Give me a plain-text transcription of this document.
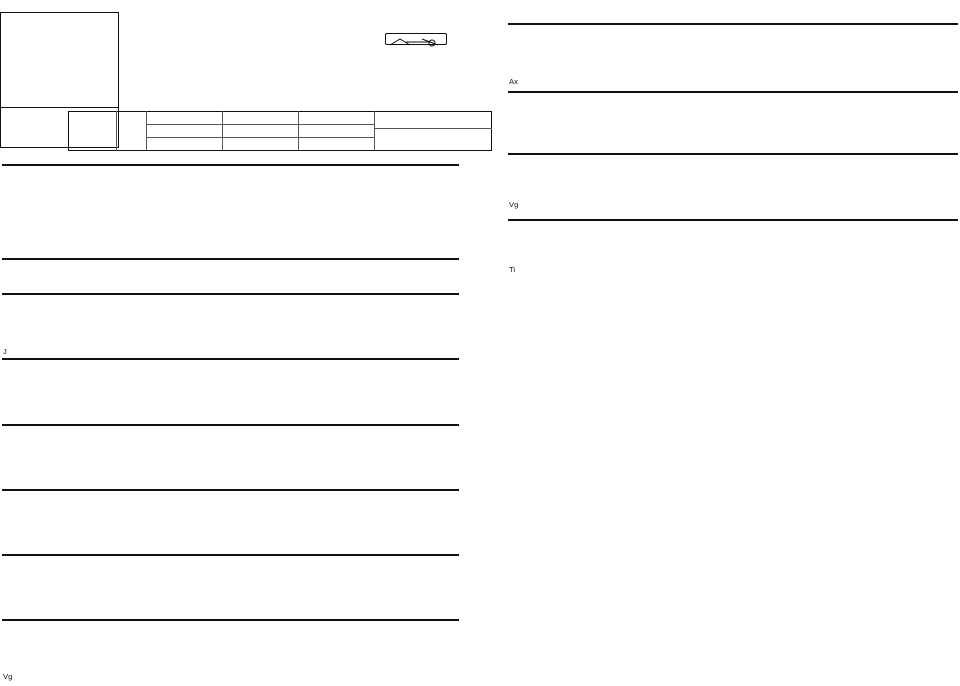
J
Vg
Ax
Vg
Ti
